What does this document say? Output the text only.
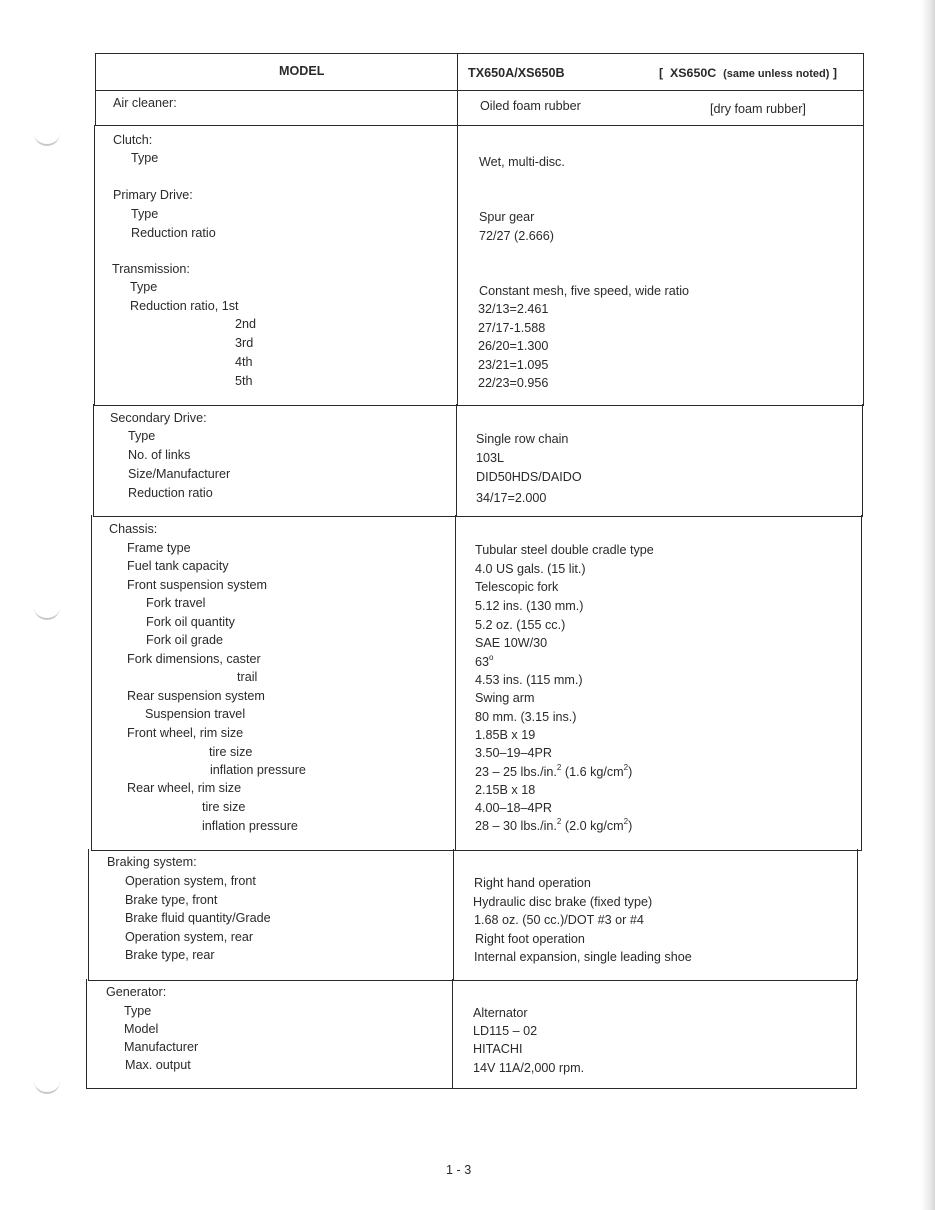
MODEL	TX650A/XS650B	[ XS650C (same unless noted) ]
Air cleaner:	Oiled foam rubber	[dry foam rubber]
Clutch:
Type	Wet, multi-disc.
Primary Drive:
Type	Spur gear
Reduction ratio	72/27 (2.666)
Transmission:
Type	Constant mesh, five speed, wide ratio
Reduction ratio, 1st	32/13=2.461
2nd	27/17-1.588
3rd	26/20=1.300
4th	23/21=1.095
5th	22/23=0.956
Secondary Drive:
Type	Single row chain
No. of links	103L
Size/Manufacturer	DID50HDS/DAIDO
Reduction ratio	34/17=2.000
Chassis:
Frame type	Tubular steel double cradle type
Fuel tank capacity	4.0 US gals. (15 lit.)
Front suspension system	Telescopic fork
Fork travel	5.12 ins. (130 mm.)
Fork oil quantity	5.2 oz. (155 cc.)
Fork oil grade	SAE 10W/30
Fork dimensions, caster	63$^o$
trail	4.53 ins. (115 mm.)
Rear suspension system	Swing arm
Suspension travel	80 mm. (3.15 ins.)
Front wheel, rim size	1.85B x 19
tire size	3.50–19–4PR
inflation pressure	23 – 25 lbs./in.$^2$ (1.6 $kg/cm^2$)
Rear wheel, rim size	2.15B x 18
tire size	4.00–18–4PR
inflation pressure	28 – 30 lbs./in.$^2$ (2.0 $kg/cm^2$)
Braking system:
Operation system, front	Right hand operation
Brake type, front	Hydraulic disc brake (fixed type)
Brake fluid quantity/Grade	1.68 oz. (50 cc.)/DOT #3 or #4
Operation system, rear	Right foot operation
Brake type, rear	Internal expansion, single leading shoe
Generator:
Type	Alternator
Model	LD115 – 02
Manufacturer	HITACHI
Max. output	14V 11A/2,000 rpm.
1 - 3
